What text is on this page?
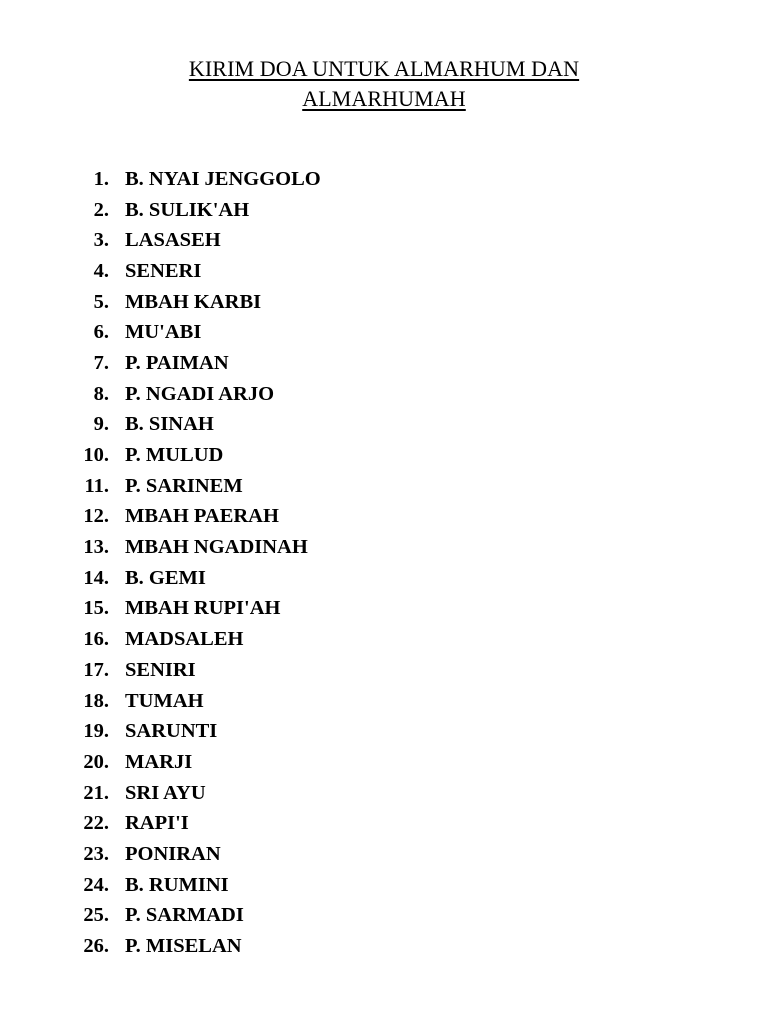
KIRIM DOA UNTUK ALMARHUM DAN
ALMARHUMAH
1. B. NYAI JENGGOLO
2. B. SULIK'AH
3. LASASEH
4. SENERI
5. MBAH KARBI
6. MU'ABI
7. P. PAIMAN
8. P. NGADI ARJO
9. B. SINAH
10. P. MULUD
11. P. SARINEM
12. MBAH PAERAH
13. MBAH NGADINAH
14. B. GEMI
15. MBAH RUPI'AH
16. MADSALEH
17. SENIRI
18. TUMAH
19. SARUNTI
20. MARJI
21. SRI AYU
22. RAPI'I
23. PONIRAN
24. B. RUMINI
25. P. SARMADI
26. P. MISELAN
